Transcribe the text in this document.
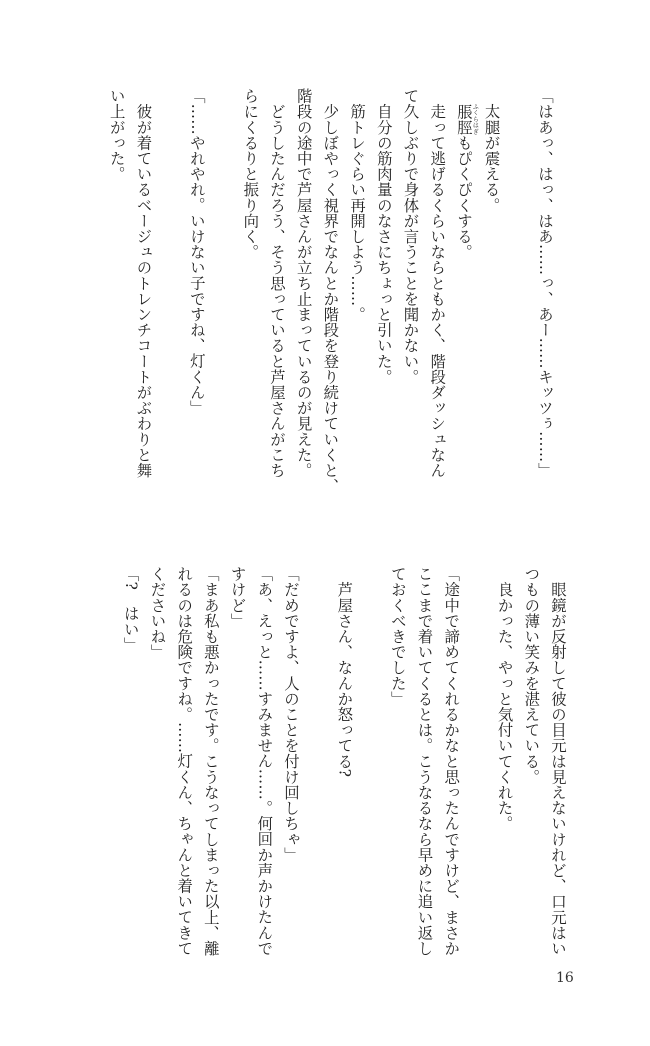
「はあっ、はっ、はあ……っ、あー……キッツぅ……」

　太腿が震える。
　脹脛ふくらはぎもぴくぴくする。
　走って逃げるくらいならともかく、階段ダッシュなん
て久しぶりで身体が言うことを聞かない。
　自分の筋肉量のなさにちょっと引いた。
　筋トレぐらい再開しよう……。
　少しぼやっく視界でなんとか階段を登り続けていくと、
階段の途中で芦屋さんが立ち止まっているのが見えた。
　どうしたんだろう、そう思っていると芦屋さんがこち
らにくるりと振り向く。

「……やれやれ。いけない子ですね、灯くん」

　彼が着ているベージュのトレンチコートがぶわりと舞
い上がった。
　眼鏡が反射して彼の目元は見えないけれど、口元はい
つもの薄い笑みを湛えている。
　良かった、やっと気付いてくれた。

「途中で諦めてくれるかなと思ったんですけど、まさか
ここまで着いてくるとは。こうなるなら早めに追い返し
ておくべきでした」

　芦屋さん、なんか怒ってる?

「だめですよ、人のことを付け回しちゃ」
「あ、えっと……すみません……。何回か声かけたんで
すけど」
「まあ私も悪かったです。こうなってしまった以上、離
れるのは危険ですね。……灯くん、ちゃんと着いてきて
くださいね」
「?　はい」
16
